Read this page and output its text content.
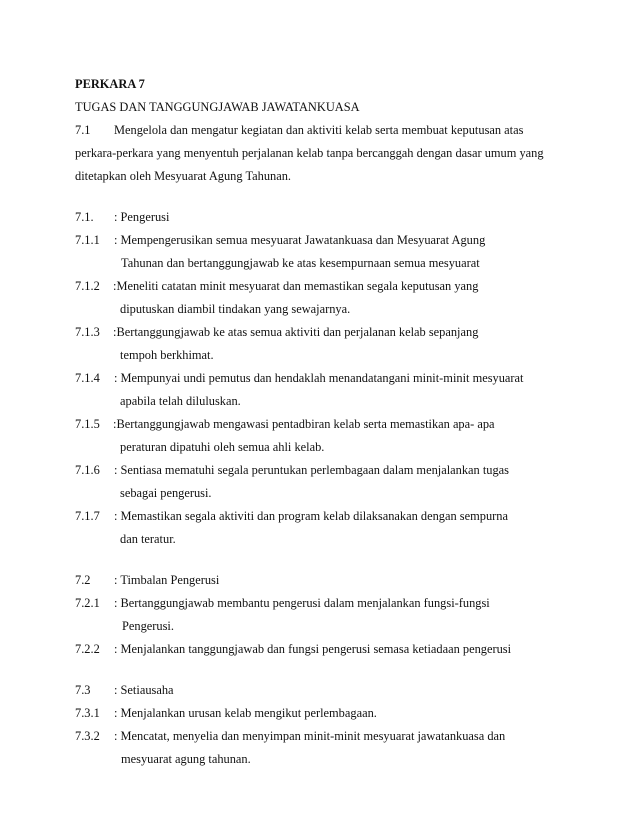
PERKARA 7
TUGAS DAN TANGGUNGJAWAB JAWATANKUASA
7.1 Mengelola dan mengatur kegiatan dan aktiviti kelab serta membuat keputusan atas
perkara-perkara yang menyentuh perjalanan kelab tanpa bercanggah dengan dasar umum yang
ditetapkan oleh Mesyuarat Agung Tahunan.
7.1. : Pengerusi
7.1.1 : Mempengerusikan semua mesyuarat Jawatankuasa dan Mesyuarat Agung
Tahunan dan bertanggungjawab ke atas kesempurnaan semua mesyuarat
7.1.2 :Meneliti catatan minit mesyuarat dan memastikan segala keputusan yang
diputuskan diambil tindakan yang sewajarnya.
7.1.3 :Bertanggungjawab ke atas semua aktiviti dan perjalanan kelab sepanjang
tempoh berkhimat.
7.1.4 : Mempunyai undi pemutus dan hendaklah menandatangani minit-minit mesyuarat
apabila telah diluluskan.
7.1.5 :Bertanggungjawab mengawasi pentadbiran kelab serta memastikan apa- apa
peraturan dipatuhi oleh semua ahli kelab.
7.1.6 : Sentiasa mematuhi segala peruntukan perlembagaan dalam menjalankan tugas
sebagai pengerusi.
7.1.7 : Memastikan segala aktiviti dan program kelab dilaksanakan dengan sempurna
dan teratur.
7.2 : Timbalan Pengerusi
7.2.1 : Bertanggungjawab membantu pengerusi dalam menjalankan fungsi-fungsi
Pengerusi.
7.2.2 : Menjalankan tanggungjawab dan fungsi pengerusi semasa ketiadaan pengerusi
7.3 : Setiausaha
7.3.1 : Menjalankan urusan kelab mengikut perlembagaan.
7.3.2 : Mencatat, menyelia dan menyimpan minit-minit mesyuarat jawatankuasa dan
mesyuarat agung tahunan.
